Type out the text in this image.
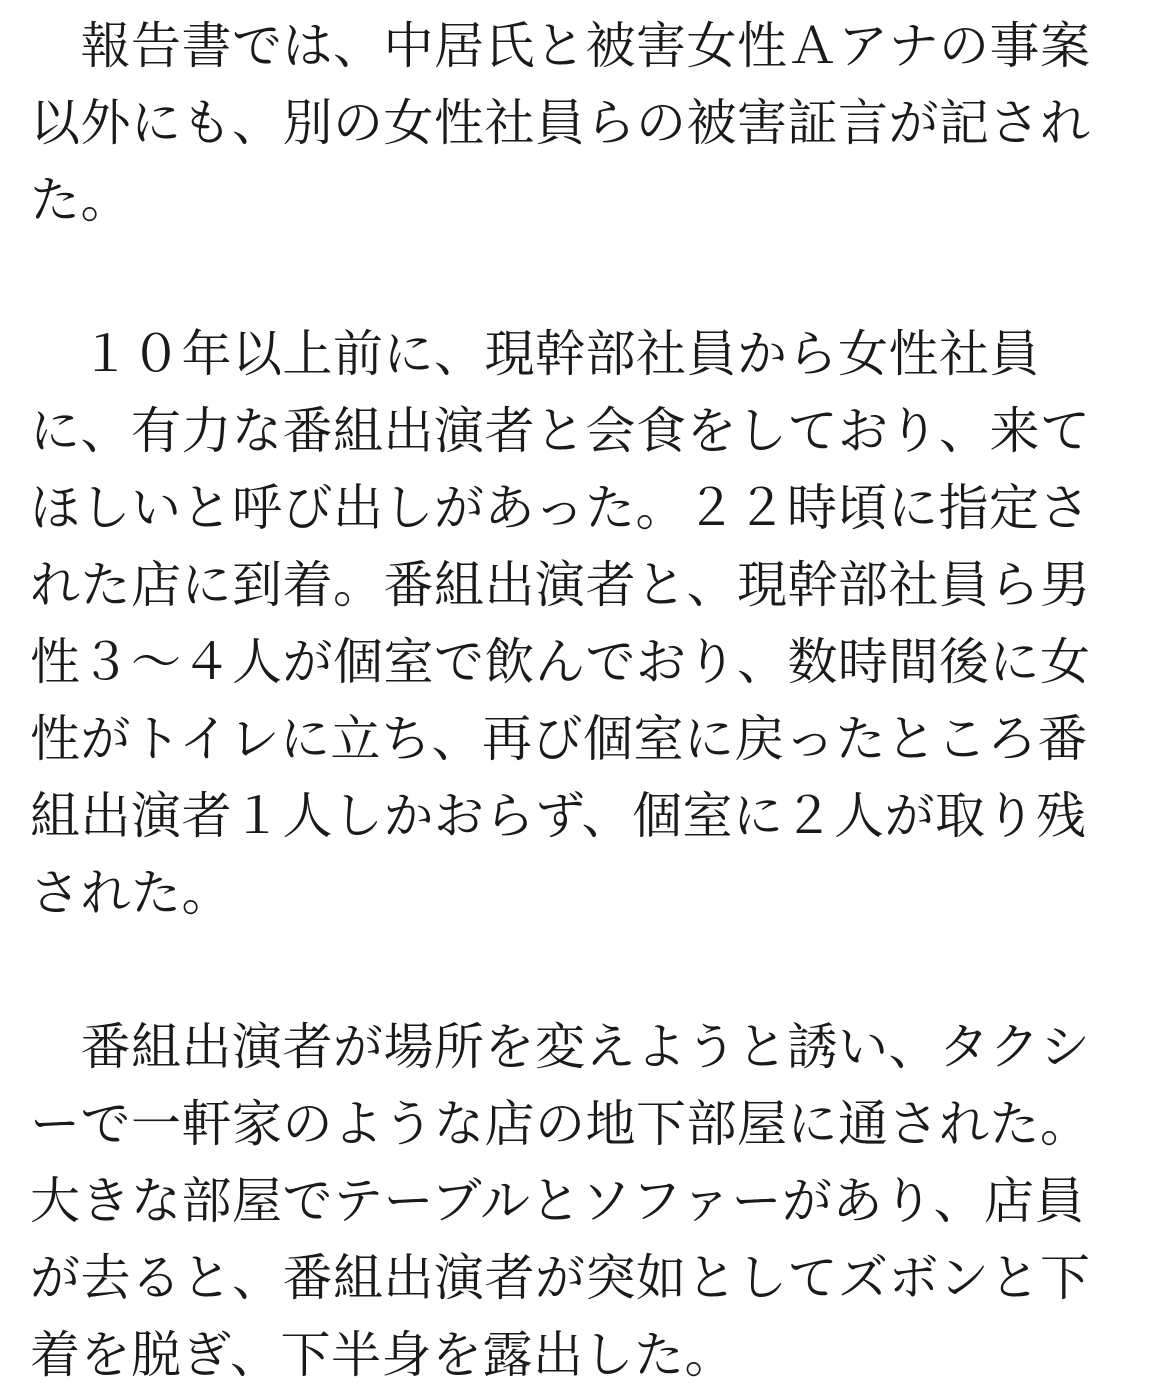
　報告書では、中居氏と被害女性Ａアナの事案
以外にも、別の女性社員らの被害証言が記され
た。

　１０年以上前に、現幹部社員から女性社員
に、有力な番組出演者と会食をしており、来て
ほしいと呼び出しがあった。２２時頃に指定さ
れた店に到着。番組出演者と、現幹部社員ら男
性３～４人が個室で飲んでおり、数時間後に女
性がトイレに立ち、再び個室に戻ったところ番
組出演者１人しかおらず、個室に２人が取り残
された。

　番組出演者が場所を変えようと誘い、タクシ
ーで一軒家のような店の地下部屋に通された。
大きな部屋でテーブルとソファーがあり、店員
が去ると、番組出演者が突如としてズボンと下
着を脱ぎ、下半身を露出した。
